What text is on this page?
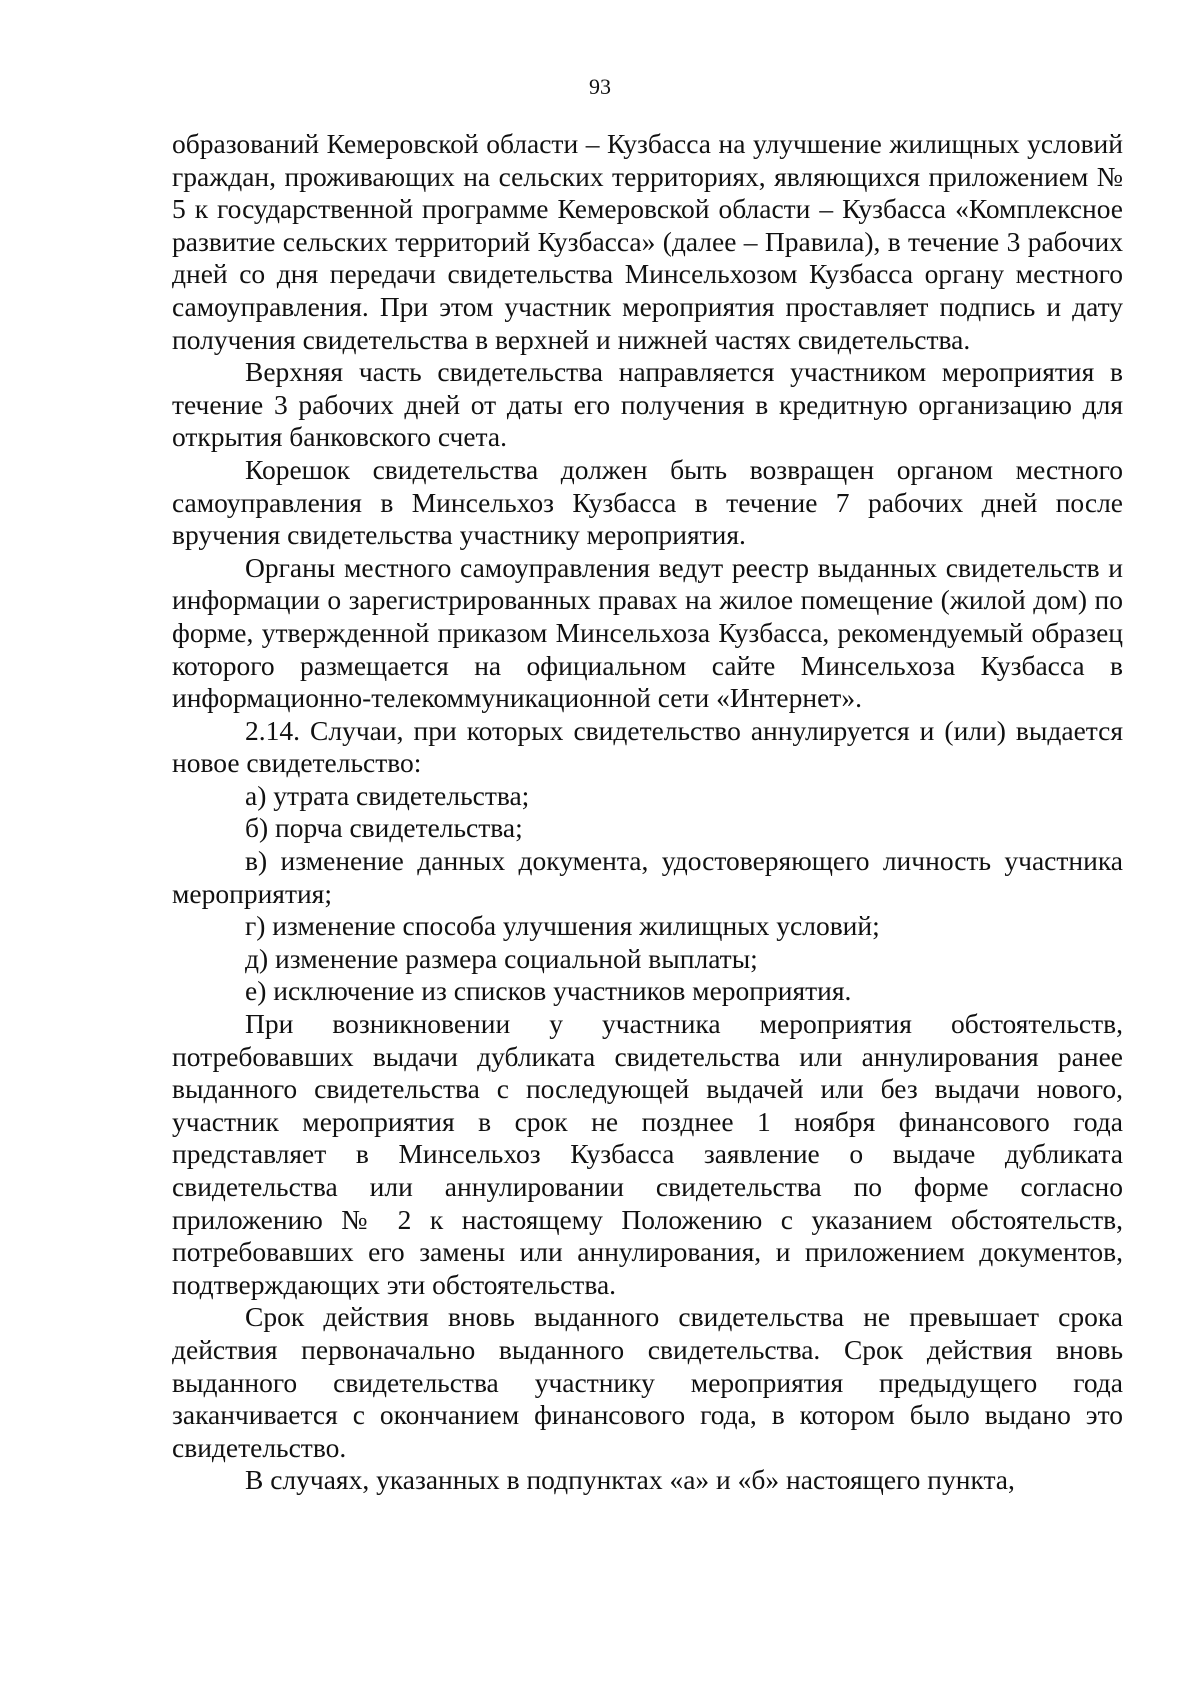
93

образований Кемеровской области – Кузбасса на улучшение жилищных условий граждан, проживающих на сельских территориях, являющихся приложением № 5 к государственной программе Кемеровской области – Кузбасса «Комплексное развитие сельских территорий Кузбасса» (далее – Правила), в течение 3 рабочих дней со дня передачи свидетельства Минсельхозом Кузбасса органу местного самоуправления. При этом участник мероприятия проставляет подпись и дату получения свидетельства в верхней и нижней частях свидетельства.

Верхняя часть свидетельства направляется участником мероприятия в течение 3 рабочих дней от даты его получения в кредитную организацию для открытия банковского счета.

Корешок свидетельства должен быть возвращен органом местного самоуправления в Минсельхоз Кузбасса в течение 7 рабочих дней после вручения свидетельства участнику мероприятия.

Органы местного самоуправления ведут реестр выданных свидетельств и информации о зарегистрированных правах на жилое помещение (жилой дом) по форме, утвержденной приказом Минсельхоза Кузбасса, рекомендуемый образец которого размещается на официальном сайте Минсельхоза Кузбасса в информационно-телекоммуникационной сети «Интернет».

2.14. Случаи, при которых свидетельство аннулируется и (или) выдается новое свидетельство:

а) утрата свидетельства;

б) порча свидетельства;

в) изменение данных документа, удостоверяющего личность участника мероприятия;

г) изменение способа улучшения жилищных условий;

д) изменение размера социальной выплаты;

е) исключение из списков участников мероприятия.

При возникновении у участника мероприятия обстоятельств, потребовавших выдачи дубликата свидетельства или аннулирования ранее выданного свидетельства с последующей выдачей или без выдачи нового, участник мероприятия в срок не позднее 1 ноября финансового года представляет в Минсельхоз Кузбасса заявление о выдаче дубликата свидетельства или аннулировании свидетельства по форме согласно приложению № 2 к настоящему Положению с указанием обстоятельств, потребовавших его замены или аннулирования, и приложением документов, подтверждающих эти обстоятельства.

Срок действия вновь выданного свидетельства не превышает срока действия первоначально выданного свидетельства. Срок действия вновь выданного свидетельства участнику мероприятия предыдущего года заканчивается с окончанием финансового года, в котором было выдано это свидетельство.

В случаях, указанных в подпунктах «а» и «б» настоящего пункта,
